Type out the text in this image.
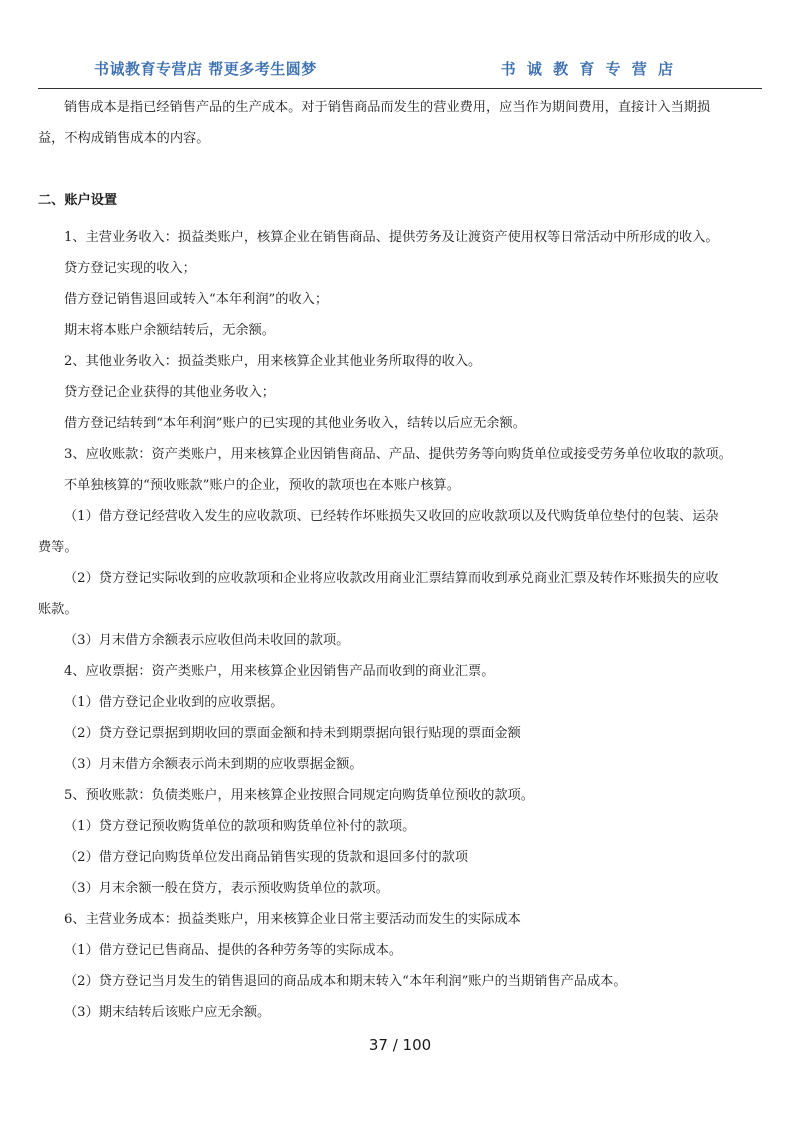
书诚教育专营店 帮更多考生圆梦	书 诚 教 育 专 营 店

销售成本是指已经销售产品的生产成本。对于销售商品而发生的营业费用，应当作为期间费用，直接计入当期损

益，不构成销售成本的内容。

二、账户设置

1、主营业务收入：损益类账户，核算企业在销售商品、提供劳务及让渡资产使用权等日常活动中所形成的收入。

贷方登记实现的收入；

借方登记销售退回或转入“本年利润”的收入；

期末将本账户余额结转后，无余额。

2、其他业务收入：损益类账户，用来核算企业其他业务所取得的收入。

贷方登记企业获得的其他业务收入；

借方登记结转到“本年利润”账户的已实现的其他业务收入，结转以后应无余额。

3、应收账款：资产类账户，用来核算企业因销售商品、产品、提供劳务等向购货单位或接受劳务单位收取的款项。

不单独核算的“预收账款”账户的企业，预收的款项也在本账户核算。

（1）借方登记经营收入发生的应收款项、已经转作坏账损失又收回的应收款项以及代购货单位垫付的包装、运杂

费等。

（2）贷方登记实际收到的应收款项和企业将应收款改用商业汇票结算而收到承兑商业汇票及转作坏账损失的应收

账款。

（3）月末借方余额表示应收但尚未收回的款项。

4、应收票据：资产类账户，用来核算企业因销售产品而收到的商业汇票。

（1）借方登记企业收到的应收票据。

（2）贷方登记票据到期收回的票面金额和持未到期票据向银行贴现的票面金额

（3）月末借方余额表示尚未到期的应收票据金额。

5、预收账款：负债类账户，用来核算企业按照合同规定向购货单位预收的款项。

（1）贷方登记预收购货单位的款项和购货单位补付的款项。

（2）借方登记向购货单位发出商品销售实现的货款和退回多付的款项

（3）月末余额一般在贷方，表示预收购货单位的款项。

6、主营业务成本：损益类账户，用来核算企业日常主要活动而发生的实际成本

（1）借方登记已售商品、提供的各种劳务等的实际成本。

（2）贷方登记当月发生的销售退回的商品成本和期末转入“本年利润”账户的当期销售产品成本。

（3）期末结转后该账户应无余额。

37 / 100
